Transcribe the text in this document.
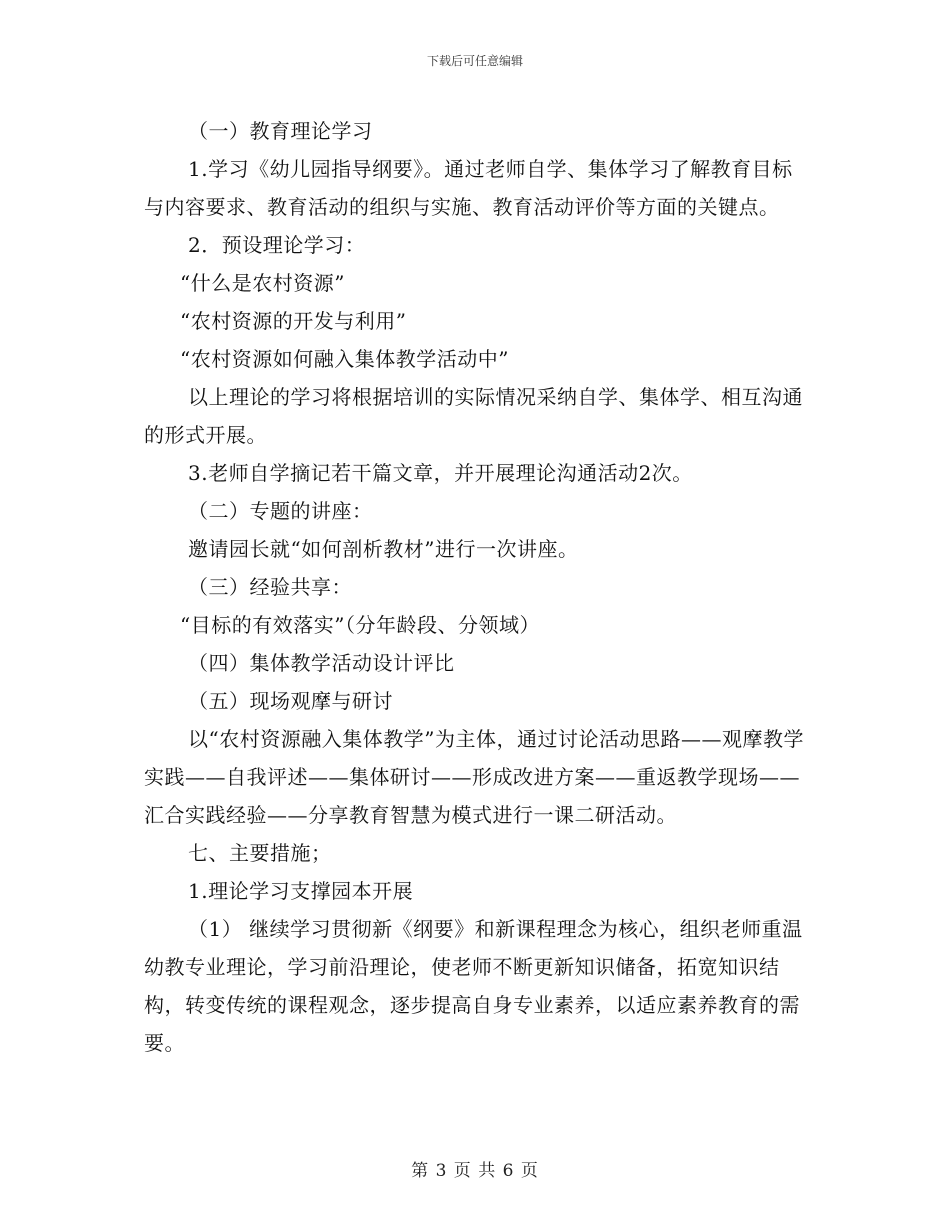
下载后可任意编辑

（一）教育理论学习

1.学习《幼儿园指导纲要》。通过老师自学、集体学习了解教育目标与内容要求、教育活动的组织与实施、教育活动评价等方面的关键点。

2．预设理论学习：

“什么是农村资源”

“农村资源的开发与利用”

“农村资源如何融入集体教学活动中”

以上理论的学习将根据培训的实际情况采纳自学、集体学、相互沟通的形式开展。

3.老师自学摘记若干篇文章，并开展理论沟通活动2次。

（二）专题的讲座：

邀请园长就“如何剖析教材”进行一次讲座。

（三）经验共享：

“目标的有效落实”（分年龄段、分领域）

（四）集体教学活动设计评比

（五）现场观摩与研讨

以“农村资源融入集体教学”为主体，通过讨论活动思路——观摩教学实践——自我评述——集体研讨——形成改进方案——重返教学现场——汇合实践经验——分享教育智慧为模式进行一课二研活动。

七、主要措施；

1.理论学习支撑园本开展

（1） 继续学习贯彻新《纲要》和新课程理念为核心，组织老师重温幼教专业理论，学习前沿理论，使老师不断更新知识储备，拓宽知识结构，转变传统的课程观念，逐步提高自身专业素养，以适应素养教育的需要。

第 3 页 共 6 页
